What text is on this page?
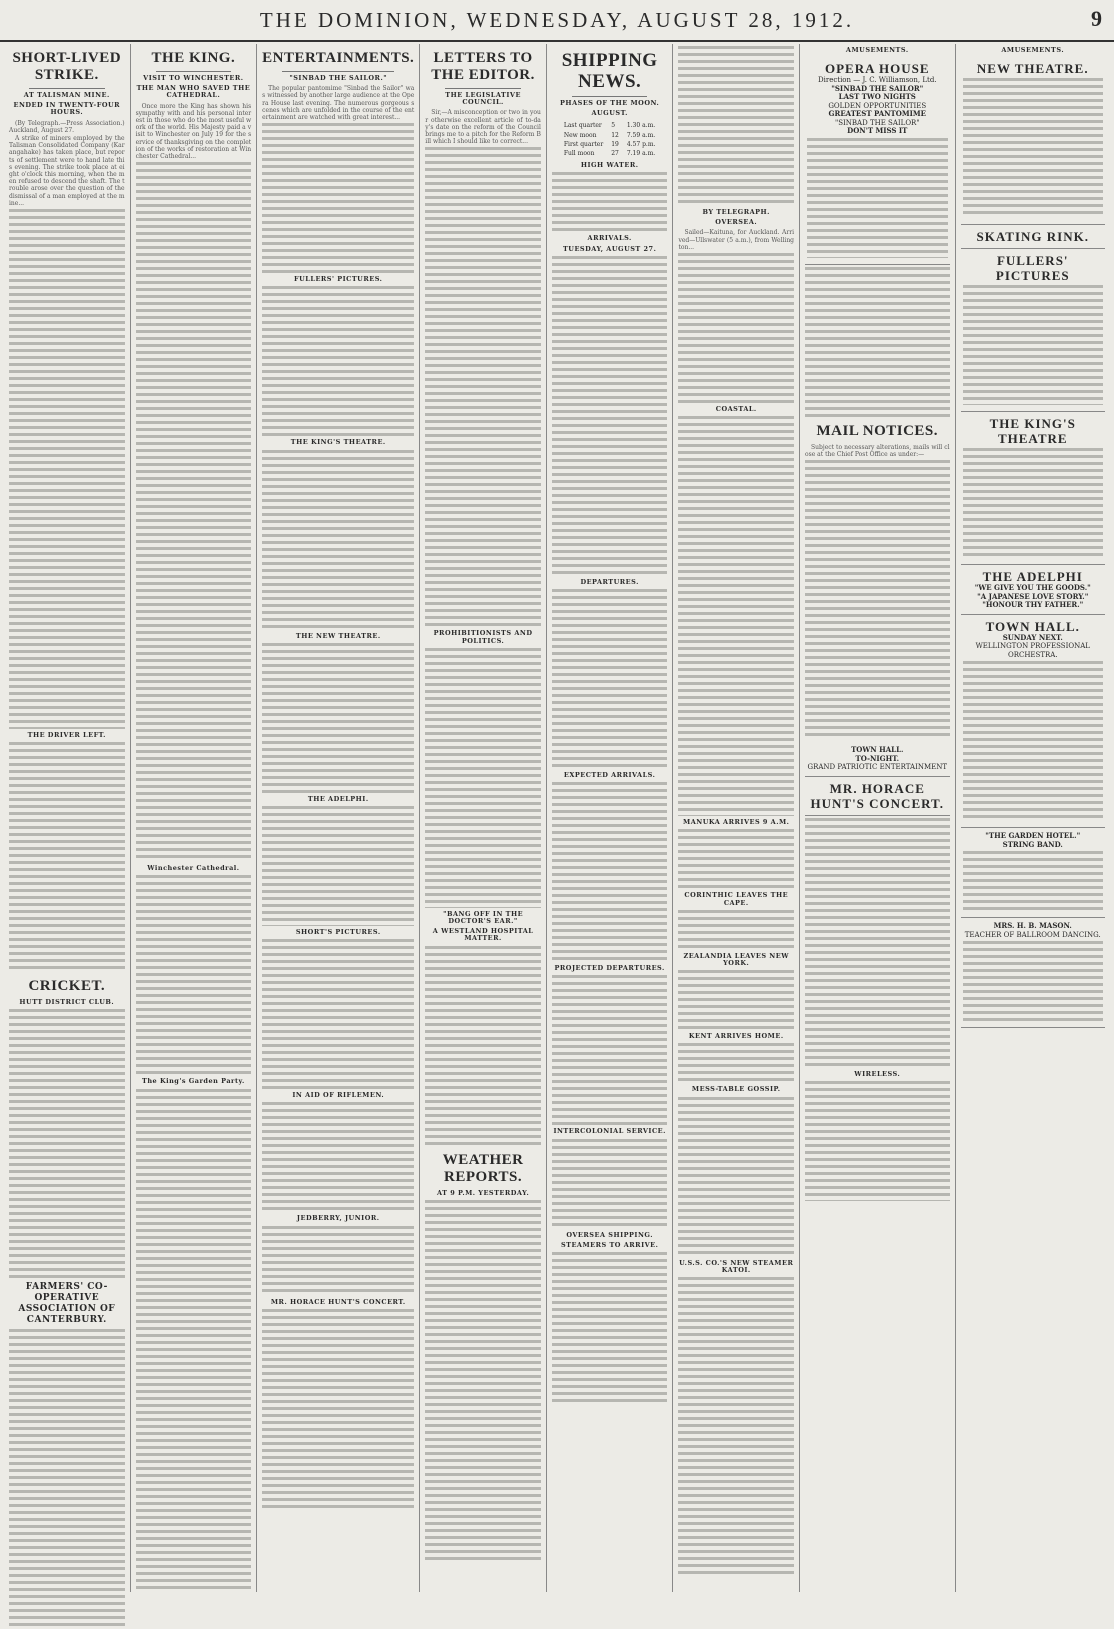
THE DOMINION, WEDNESDAY, AUGUST 28, 1912.	9
SHORT-LIVED STRIKE.
AT TALISMAN MINE.
ENDED IN TWENTY-FOUR HOURS.

(By Telegraph.—Press Association.) Auckland, August 27.

A strike of miners employed by the Talisman Consolidated Company (Karangahake) has taken place, but reports of settlement were to hand late this evening. The strike took place at eight o'clock this morning, when the men refused to descend the shaft. The trouble arose over the question of the dismissal of a man employed at the mine...

THE DRIVER LEFT.
CRICKET.
HUTT DISTRICT CLUB.
FARMERS' CO-OPERATIVE ASSOCIATION OF CANTERBURY.
THE KING.
VISIT TO WINCHESTER.
THE MAN WHO SAVED THE CATHEDRAL.

Once more the King has shown his sympathy with and his personal interest in those who do the most useful work of the world. His Majesty paid a visit to Winchester on July 19 for the service of thanksgiving on the completion of the works of restoration at Winchester Cathedral...

Winchester Cathedral.
The King's Garden Party.
ENTERTAINMENTS.
"SINBAD THE SAILOR."

The popular pantomime "Sinbad the Sailor" was witnessed by another large audience at the Opera House last evening. The numerous gorgeous scenes which are unfolded in the course of the entertainment are watched with great interest...

FULLERS' PICTURES.
THE KING'S THEATRE.
THE NEW THEATRE.
THE ADELPHI.
SHORT'S PICTURES.
IN AID OF RIFLEMEN.
JEDBERRY, JUNIOR.
MR. HORACE HUNT'S CONCERT.
LETTERS TO THE EDITOR.
THE LEGISLATIVE COUNCIL.

Sir,—A misconception or two in your otherwise excellent article of to-day's date on the reform of the Council brings me to a pitch for the Reform Bill which I should like to correct...

PROHIBITIONISTS AND POLITICS.
"BANG OFF IN THE DOCTOR'S EAR."
A WESTLAND HOSPITAL MATTER.
WEATHER REPORTS.
AT 9 P.M. YESTERDAY.
SHIPPING NEWS.
PHASES OF THE MOON.
AUGUST.
Last quarter	5	1.30 a.m.
New moon	12	7.59 a.m.
First quarter	19	4.57 p.m.
Full moon	27	7.19 a.m.
HIGH WATER.
ARRIVALS.
TUESDAY, AUGUST 27.
DEPARTURES.
EXPECTED ARRIVALS.
PROJECTED DEPARTURES.
INTERCOLONIAL SERVICE.
OVERSEA SHIPPING.
STEAMERS TO ARRIVE.
BY TELEGRAPH.
OVERSEA.

Sailed—Kaituna, for Auckland. Arrived—Ullswater (5 a.m.), from Wellington...

COASTAL.
MANUKA ARRIVES 9 A.M.
CORINTHIC LEAVES THE CAPE.
ZEALANDIA LEAVES NEW YORK.
KENT ARRIVES HOME.
MESS-TABLE GOSSIP.
U.S.S. CO.'S NEW STEAMER KATOI.
AMUSEMENTS.
OPERA HOUSE
Direction — J. C. Williamson, Ltd.
"SINBAD THE SAILOR"
LAST TWO NIGHTS
GOLDEN OPPORTUNITIES
GREATEST PANTOMIME
"SINBAD THE SAILOR"
DON'T MISS IT
MAIL NOTICES.

Subject to necessary alterations, mails will close at the Chief Post Office as under:—

TOWN HALL.
TO-NIGHT.
GRAND PATRIOTIC ENTERTAINMENT
MR. HORACE HUNT'S CONCERT.
WIRELESS.
AMUSEMENTS.
NEW THEATRE.
SKATING RINK.
FULLERS' PICTURES
THE KING'S THEATRE
THE ADELPHI
"WE GIVE YOU THE GOODS."
"A JAPANESE LOVE STORY."
"HONOUR THY FATHER."
TOWN HALL.
SUNDAY NEXT.
WELLINGTON PROFESSIONAL ORCHESTRA.
"THE GARDEN HOTEL."
STRING BAND.
MRS. H. B. MASON.
TEACHER OF BALLROOM DANCING.
